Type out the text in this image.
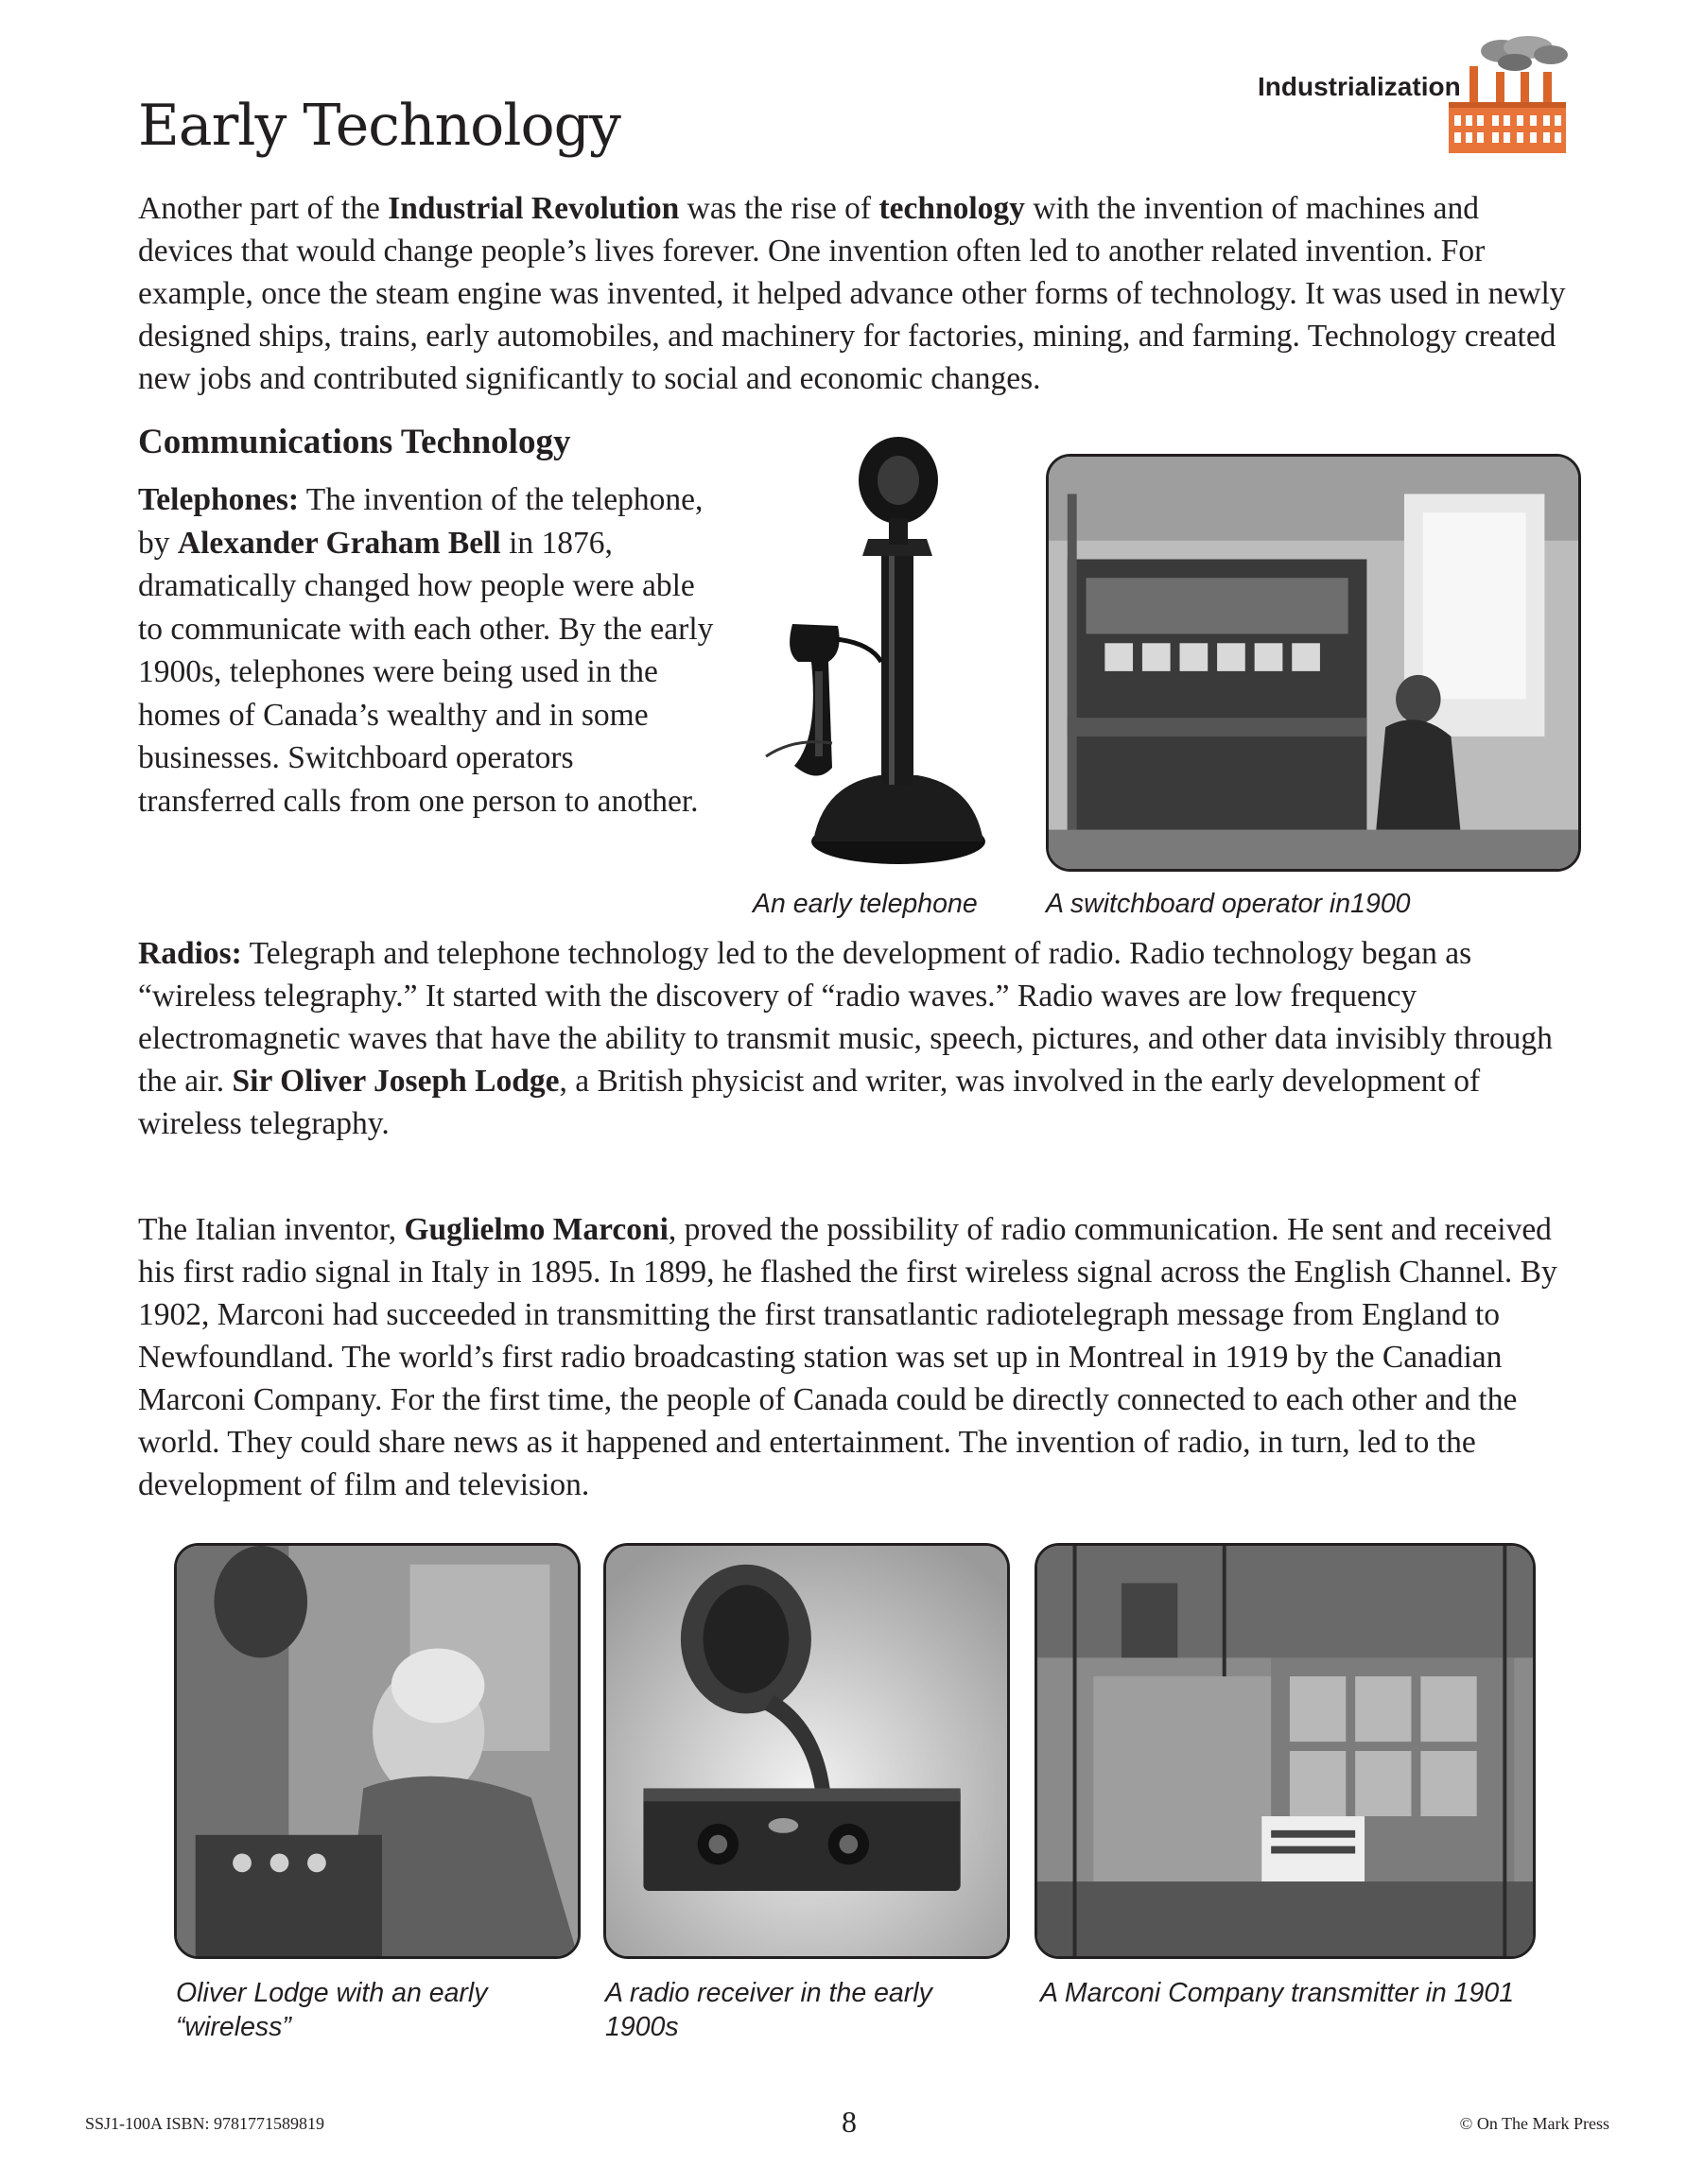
Early Technology
Industrialization

Another part of the Industrial Revolution was the rise of technology with the invention of machines and devices that would change people’s lives forever. One invention often led to another related invention. For example, once the steam engine was invented, it helped advance other forms of technology. It was used in newly designed ships, trains, early automobiles, and machinery for factories, mining, and farming. Technology created new jobs and contributed significantly to social and economic changes.

Communications Technology

Telephones: The invention of the telephone, by Alexander Graham Bell in 1876, dramatically changed how people were able to communicate with each other. By the early 1900s, telephones were being used in the homes of Canada’s wealthy and in some businesses. Switchboard operators transferred calls from one person to another.

An early telephone	A switchboard operator in1900

Radios: Telegraph and telephone technology led to the development of radio. Radio technology began as “wireless telegraphy.” It started with the discovery of “radio waves.” Radio waves are low frequency electromagnetic waves that have the ability to transmit music, speech, pictures, and other data invisibly through the air. Sir Oliver Joseph Lodge, a British physicist and writer, was involved in the early development of wireless telegraphy.

The Italian inventor, Guglielmo Marconi, proved the possibility of radio communication. He sent and received his first radio signal in Italy in 1895. In 1899, he flashed the first wireless signal across the English Channel. By 1902, Marconi had succeeded in transmitting the first transatlantic radiotelegraph message from England to Newfoundland. The world’s first radio broadcasting station was set up in Montreal in 1919 by the Canadian Marconi Company. For the first time, the people of Canada could be directly connected to each other and the world. They could share news as it happened and entertainment. The invention of radio, in turn, led to the development of film and television.

Oliver Lodge with an early “wireless”
A radio receiver in the early 1900s
A Marconi Company transmitter in 1901
SSJ1-100A ISBN: 9781771589819	8	© On The Mark Press
